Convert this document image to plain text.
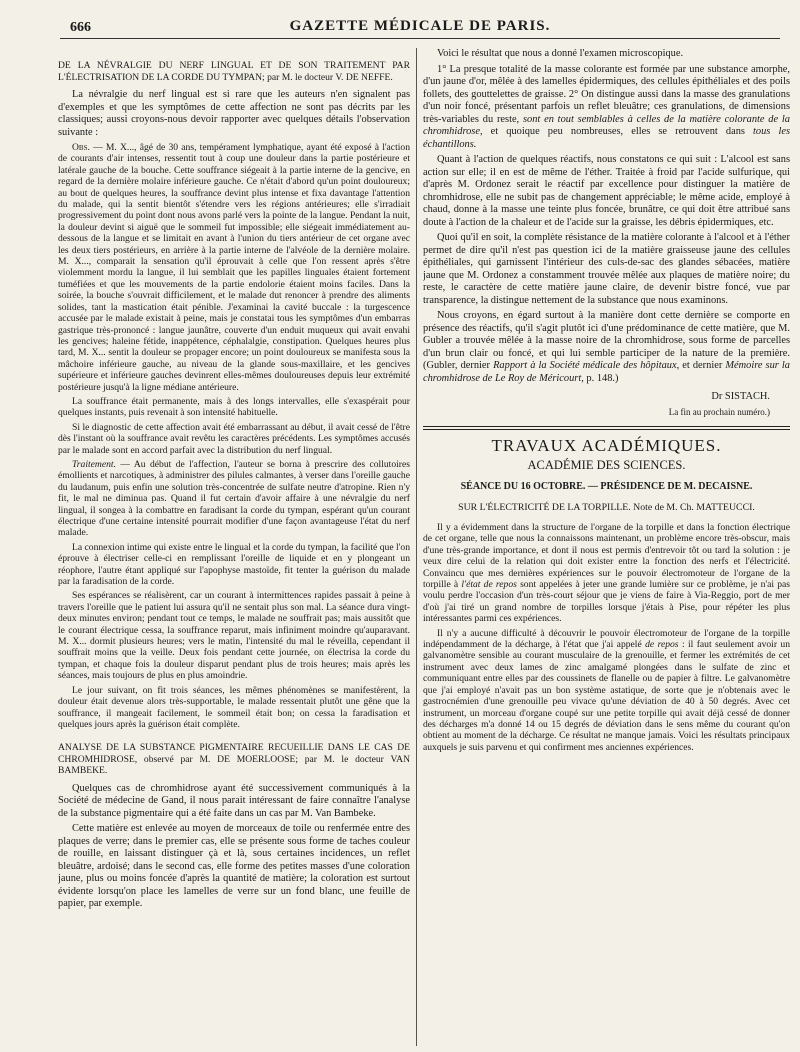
666	GAZETTE MÉDICALE DE PARIS.

DE LA NÉVRALGIE DU NERF LINGUAL ET DE SON TRAITEMENT PAR L'ÉLECTRISATION DE LA CORDE DU TYMPAN; par M. le docteur V. DE NEFFE.

La névralgie du nerf lingual est si rare que les auteurs n'en signalent pas d'exemples et que les symptômes de cette affection ne sont pas décrits par les classiques; aussi croyons-nous devoir rapporter avec quelques détails l'observation suivante :

Obs. — M. X..., âgé de 30 ans, tempérament lymphatique, ayant été exposé à l'action de courants d'air intenses, ressentit tout à coup une douleur dans la partie postérieure et latérale gauche de la bouche. Cette souffrance siégeait à la partie interne de la gencive, en regard de la dernière molaire inférieure gauche. Ce n'était d'abord qu'un point douloureux; au bout de quelques heures, la souffrance devint plus intense et fixa davantage l'attention du malade, qui la sentit bientôt s'étendre vers les régions antérieures; elle s'irradiait progressivement du point dont nous avons parlé vers la pointe de la langue. Pendant la nuit, la douleur devint si aiguë que le sommeil fut impossible; elle siégeait immédiatement au-dessous de la langue et se limitait en avant à l'union du tiers antérieur de cet organe avec les deux tiers postérieurs, en arrière à la partie interne de l'alvéole de la dernière molaire. M. X..., comparait la sensation qu'il éprouvait à celle que l'on ressent après s'être violemment mordu la langue, il lui semblait que les papilles linguales étaient fortement tuméfiées et que les mouvements de la partie endolorie étaient moins faciles. Dans la soirée, la bouche s'ouvrait difficilement, et le malade dut renoncer à prendre des aliments solides, tant la mastication était pénible. J'examinai la cavité buccale : la turgescence accusée par le malade existait à peine, mais je constatai tous les symptômes d'un embarras gastrique très-prononcé : langue jaunâtre, couverte d'un enduit muqueux qui avait envahi les gencives; haleine fétide, inappétence, céphalalgie, constipation. Quelques heures plus tard, M. X... sentit la douleur se propager encore; un point douloureux se manifesta sous la mâchoire inférieure gauche, au niveau de la glande sous-maxillaire, et les gencives supérieure et inférieure gauches devinrent elles-mêmes douloureuses depuis leur extrémité postérieure jusqu'à la ligne médiane antérieure.

La souffrance était permanente, mais à des longs intervalles, elle s'exaspérait pour quelques instants, puis revenait à son intensité habituelle.

Si le diagnostic de cette affection avait été embarrassant au début, il avait cessé de l'être dès l'instant où la souffrance avait revêtu les caractères précédents. Les symptômes accusés par le malade sont en accord parfait avec la distribution du nerf lingual.

Traitement. — Au début de l'affection, l'auteur se borna à prescrire des collutoires émollients et narcotiques, à administrer des pilules calmantes, à verser dans l'oreille gauche du laudanum, puis enfin une solution très-concentrée de sulfate neutre d'atropine. Rien n'y fit, le mal ne diminua pas. Quand il fut certain d'avoir affaire à une névralgie du nerf lingual, il songea à la combattre en faradisant la corde du tympan, espérant qu'un courant électrique d'une certaine intensité pourrait modifier d'une façon avantageuse l'état du nerf malade.

La connexion intime qui existe entre le lingual et la corde du tympan, la facilité que l'on éprouve à électriser celle-ci en remplissant l'oreille de liquide et en y plongeant un réophore, l'autre étant appliqué sur l'apophyse mastoïde, fit tenter la guérison du malade par la faradisation de la corde.

Ses espérances se réalisèrent, car un courant à intermittences rapides passait à peine à travers l'oreille que le patient lui assura qu'il ne sentait plus son mal. La séance dura vingt-deux minutes environ; pendant tout ce temps, le malade ne souffrait pas; mais aussitôt que le courant électrique cessa, la souffrance reparut, mais infiniment moindre qu'auparavant. M. X... dormit plusieurs heures; vers le matin, l'intensité du mal le réveilla, cependant il souffrait moins que la veille. Deux fois pendant cette journée, on électrisa la corde du tympan, et chaque fois la douleur disparut pendant plus de trois heures; mais après les séances, mais toujours de plus en plus amoindrie.

Le jour suivant, on fit trois séances, les mêmes phénomènes se manifestèrent, la douleur était devenue alors très-supportable, le malade ressentait plutôt une gêne que la souffrance, il mangeait facilement, le sommeil était bon; on cessa la faradisation et quelques jours après la guérison était complète.

ANALYSE DE LA SUBSTANCE PIGMENTAIRE RECUEILLIE DANS LE CAS DE CHROMHIDROSE, observé par M. DE MOERLOOSE; par M. le docteur VAN BAMBEKE.

Quelques cas de chromhidrose ayant été successivement communiqués à la Société de médecine de Gand, il nous parait intéressant de faire connaître l'analyse de la substance pigmentaire qui a été faite dans un cas par M. Van Bambeke.

Cette matière est enlevée au moyen de morceaux de toile ou renfermée entre des plaques de verre; dans le premier cas, elle se présente sous forme de taches couleur de rouille, en laissant distinguer çà et là, sous certaines incidences, un reflet bleuâtre, ardoisé; dans le second cas, elle forme des petites masses d'une coloration jaune, plus ou moins foncée d'après la quantité de matière; la coloration est surtout évidente lorsqu'on place les lamelles de verre sur un fond blanc, une feuille de papier, par exemple.

Voici le résultat que nous a donné l'examen microscopique.

1° La presque totalité de la masse colorante est formée par une substance amorphe, d'un jaune d'or, mêlée à des lamelles épidermiques, des cellules épithéliales et des poils follets, des gouttelettes de graisse. 2° On distingue aussi dans la masse des granulations d'un noir foncé, présentant parfois un reflet bleuâtre; ces granulations, de dimensions très-variables du reste, sont en tout semblables à celles de la matière colorante de la chromhidrose, et quoique peu nombreuses, elles se retrouvent dans tous les échantillons.

Quant à l'action de quelques réactifs, nous constatons ce qui suit : L'alcool est sans action sur elle; il en est de même de l'éther. Traitée à froid par l'acide sulfurique, qui d'après M. Ordonez serait le réactif par excellence pour distinguer la matière de chromhidrose, elle ne subit pas de changement appréciable; le même acide, employé à chaud, donne à la masse une teinte plus foncée, brunâtre, ce qui doit être attribué sans doute à l'action de la chaleur et de l'acide sur la graisse, les débris épidermiques, etc.

Quoi qu'il en soit, la complète résistance de la matière colorante à l'alcool et à l'éther permet de dire qu'il n'est pas question ici de la matière graisseuse jaune des cellules épithéliales, qui garnissent l'intérieur des culs-de-sac des glandes sébacées, matière jaune que M. Ordonez a constamment trouvée mêlée aux plaques de matière noire; du reste, le caractère de cette matière jaune claire, de devenir bistre foncé, vue par transparence, la distingue nettement de la substance que nous examinons.

Nous croyons, en égard surtout à la manière dont cette dernière se comporte en présence des réactifs, qu'il s'agit plutôt ici d'une prédominance de cette matière, que M. Gubler a trouvée mêlée à la masse noire de la chromhidrose, sous forme de parcelles d'un brun clair ou foncé, et qui lui semble participer de la nature de la première. (Gubler, dernier Rapport à la Société médicale des hôpitaux, et dernier Mémoire sur la chromhidrose de Le Roy de Méricourt, p. 148.)

Dr SISTACH.

La fin au prochain numéro.)

TRAVAUX ACADÉMIQUES.

ACADÉMIE DES SCIENCES.

SÉANCE DU 16 OCTOBRE. — PRÉSIDENCE DE M. DECAISNE.

SUR L'ÉLECTRICITÉ DE LA TORPILLE. Note de M. Ch. MATTEUCCI.

Il y a évidemment dans la structure de l'organe de la torpille et dans la fonction électrique de cet organe, telle que nous la connaissons maintenant, un problème encore très-obscur, mais d'une très-grande importance, et dont il nous est permis d'entrevoir tôt ou tard la solution : je veux dire celui de la relation qui doit exister entre la fonction des nerfs et l'électricité. Convaincu que mes dernières expériences sur le pouvoir électromoteur de l'organe de la torpille à l'état de repos sont appelées à jeter une grande lumière sur ce problème, je n'ai pas voulu perdre l'occasion d'un très-court séjour que je viens de faire à Via-Reggio, port de mer d'où j'ai tiré un grand nombre de torpilles lorsque j'étais à Pise, pour répéter les plus intéressantes parmi ces expériences.

Il n'y a aucune difficulté à découvrir le pouvoir électromoteur de l'organe de la torpille indépendamment de la décharge, à l'état que j'ai appelé de repos : il faut seulement avoir un galvanomètre sensible au courant musculaire de la grenouille, et fermer les extrémités de cet instrument avec deux lames de zinc amalgamé plongées dans le sulfate de zinc et communiquant entre elles par des coussinets de flanelle ou de papier à filtre. Le galvanomètre que j'ai employé n'avait pas un bon système astatique, de sorte que je n'obtenais avec le gastrocnémien d'une grenouille peu vivace qu'une déviation de 40 à 50 degrés. Avec cet instrument, un morceau d'organe coupé sur une petite torpille qui avait déjà cessé de donner des décharges m'a donné 14 ou 15 degrés de déviation dans le sens même du courant qu'on obtient au moment de la décharge. Ce résultat ne manque jamais. Voici les résultats principaux auxquels je suis parvenu et qui confirment mes anciennes expériences.
